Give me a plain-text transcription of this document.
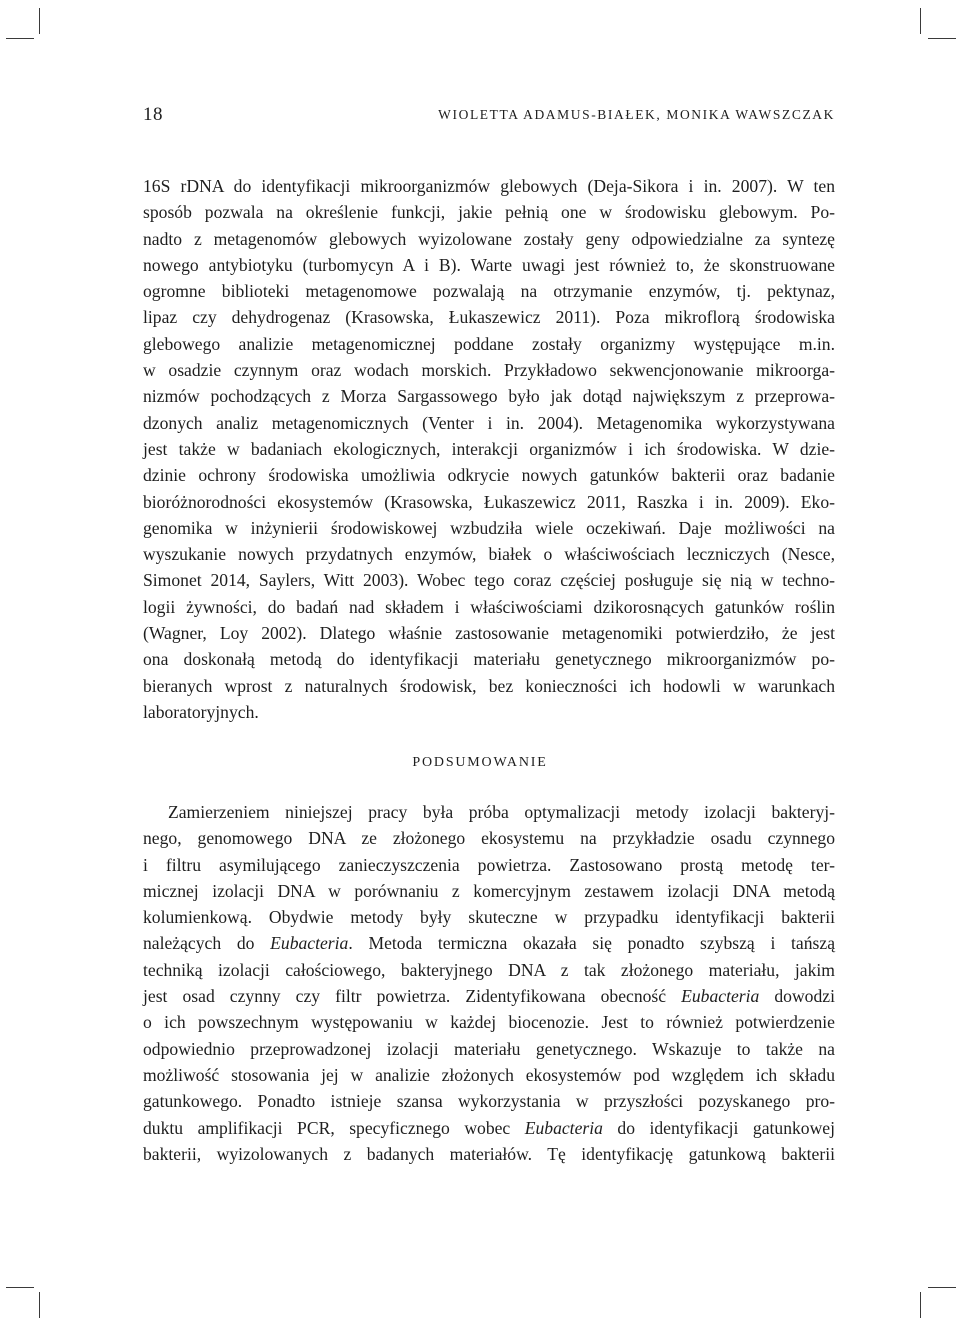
18	WIOLETTA ADAMUS-BIAŁEK, MONIKA WAWSZCZAK
16S rDNA do identyfikacji mikroorganizmów glebowych (Deja-Sikora i in. 2007). W ten
sposób pozwala na określenie funkcji, jakie pełnią one w środowisku glebowym. Po-
nadto z metagenomów glebowych wyizolowane zostały geny odpowiedzialne za syntezę
nowego antybiotyku (turbomycyn A i B). Warte uwagi jest również to, że skonstruowane
ogromne biblioteki metagenomowe pozwalają na otrzymanie enzymów, tj. pektynaz,
lipaz czy dehydrogenaz (Krasowska, Łukaszewicz 2011). Poza mikroflorą środowiska
glebowego analizie metagenomicznej poddane zostały organizmy występujące m.in.
w osadzie czynnym oraz wodach morskich. Przykładowo sekwencjonowanie mikroorga-
nizmów pochodzących z Morza Sargassowego było jak dotąd największym z przeprowa-
dzonych analiz metagenomicznych (Venter i in. 2004). Metagenomika wykorzystywana
jest także w badaniach ekologicznych, interakcji organizmów i ich środowiska. W dzie-
dzinie ochrony środowiska umożliwia odkrycie nowych gatunków bakterii oraz badanie
bioróżnorodności ekosystemów (Krasowska, Łukaszewicz 2011, Raszka i in. 2009). Eko-
genomika w inżynierii środowiskowej wzbudziła wiele oczekiwań. Daje możliwości na
wyszukanie nowych przydatnych enzymów, białek o właściwościach leczniczych (Nesce,
Simonet 2014, Saylers, Witt 2003). Wobec tego coraz częściej posługuje się nią w techno-
logii żywności, do badań nad składem i właściwościami dzikorosnących gatunków roślin
(Wagner, Loy 2002). Dlatego właśnie zastosowanie metagenomiki potwierdziło, że jest
ona doskonałą metodą do identyfikacji materiału genetycznego mikroorganizmów po-
bieranych wprost z naturalnych środowisk, bez konieczności ich hodowli w warunkach
laboratoryjnych.
PODSUMOWANIE
Zamierzeniem niniejszej pracy była próba optymalizacji metody izolacji bakteryj-
nego, genomowego DNA ze złożonego ekosystemu na przykładzie osadu czynnego
i filtru asymilującego zanieczyszczenia powietrza. Zastosowano prostą metodę ter-
micznej izolacji DNA w porównaniu z komercyjnym zestawem izolacji DNA metodą
kolumienkową. Obydwie metody były skuteczne w przypadku identyfikacji bakterii
należących do Eubacteria. Metoda termiczna okazała się ponadto szybszą i tańszą
techniką izolacji całościowego, bakteryjnego DNA z tak złożonego materiału, jakim
jest osad czynny czy filtr powietrza. Zidentyfikowana obecność Eubacteria dowodzi
o ich powszechnym występowaniu w każdej biocenozie. Jest to również potwierdzenie
odpowiednio przeprowadzonej izolacji materiału genetycznego. Wskazuje to także na
możliwość stosowania jej w analizie złożonych ekosystemów pod względem ich składu
gatunkowego. Ponadto istnieje szansa wykorzystania w przyszłości pozyskanego pro-
duktu amplifikacji PCR, specyficznego wobec Eubacteria do identyfikacji gatunkowej
bakterii, wyizolowanych z badanych materiałów. Tę identyfikację gatunkową bakterii
